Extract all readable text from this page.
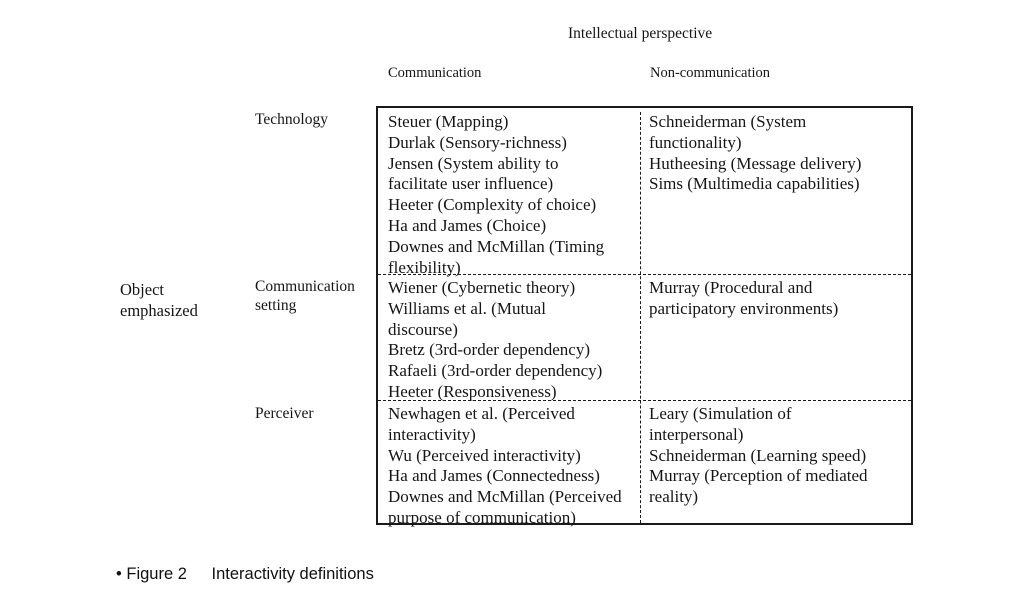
Intellectual perspective
Communication	Non-communication
Object
emphasized
Technology
Communication
setting
Perceiver
Steuer (Mapping)
Durlak (Sensory-richness)
Jensen (System ability to
facilitate user influence)
Heeter (Complexity of choice)
Ha and James (Choice)
Downes and McMillan (Timing
flexibility)
Schneiderman (System
functionality)
Hutheesing (Message delivery)
Sims (Multimedia capabilities)
Wiener (Cybernetic theory)
Williams et al. (Mutual
discourse)
Bretz (3rd-order dependency)
Rafaeli (3rd-order dependency)
Heeter (Responsiveness)
Murray (Procedural and
participatory environments)
Newhagen et al. (Perceived
interactivity)
Wu (Perceived interactivity)
Ha and James (Connectedness)
Downes and McMillan (Perceived
purpose of communication)
Leary (Simulation of
interpersonal)
Schneiderman (Learning speed)
Murray (Perception of mediated
reality)
• Figure 2 Interactivity definitions
